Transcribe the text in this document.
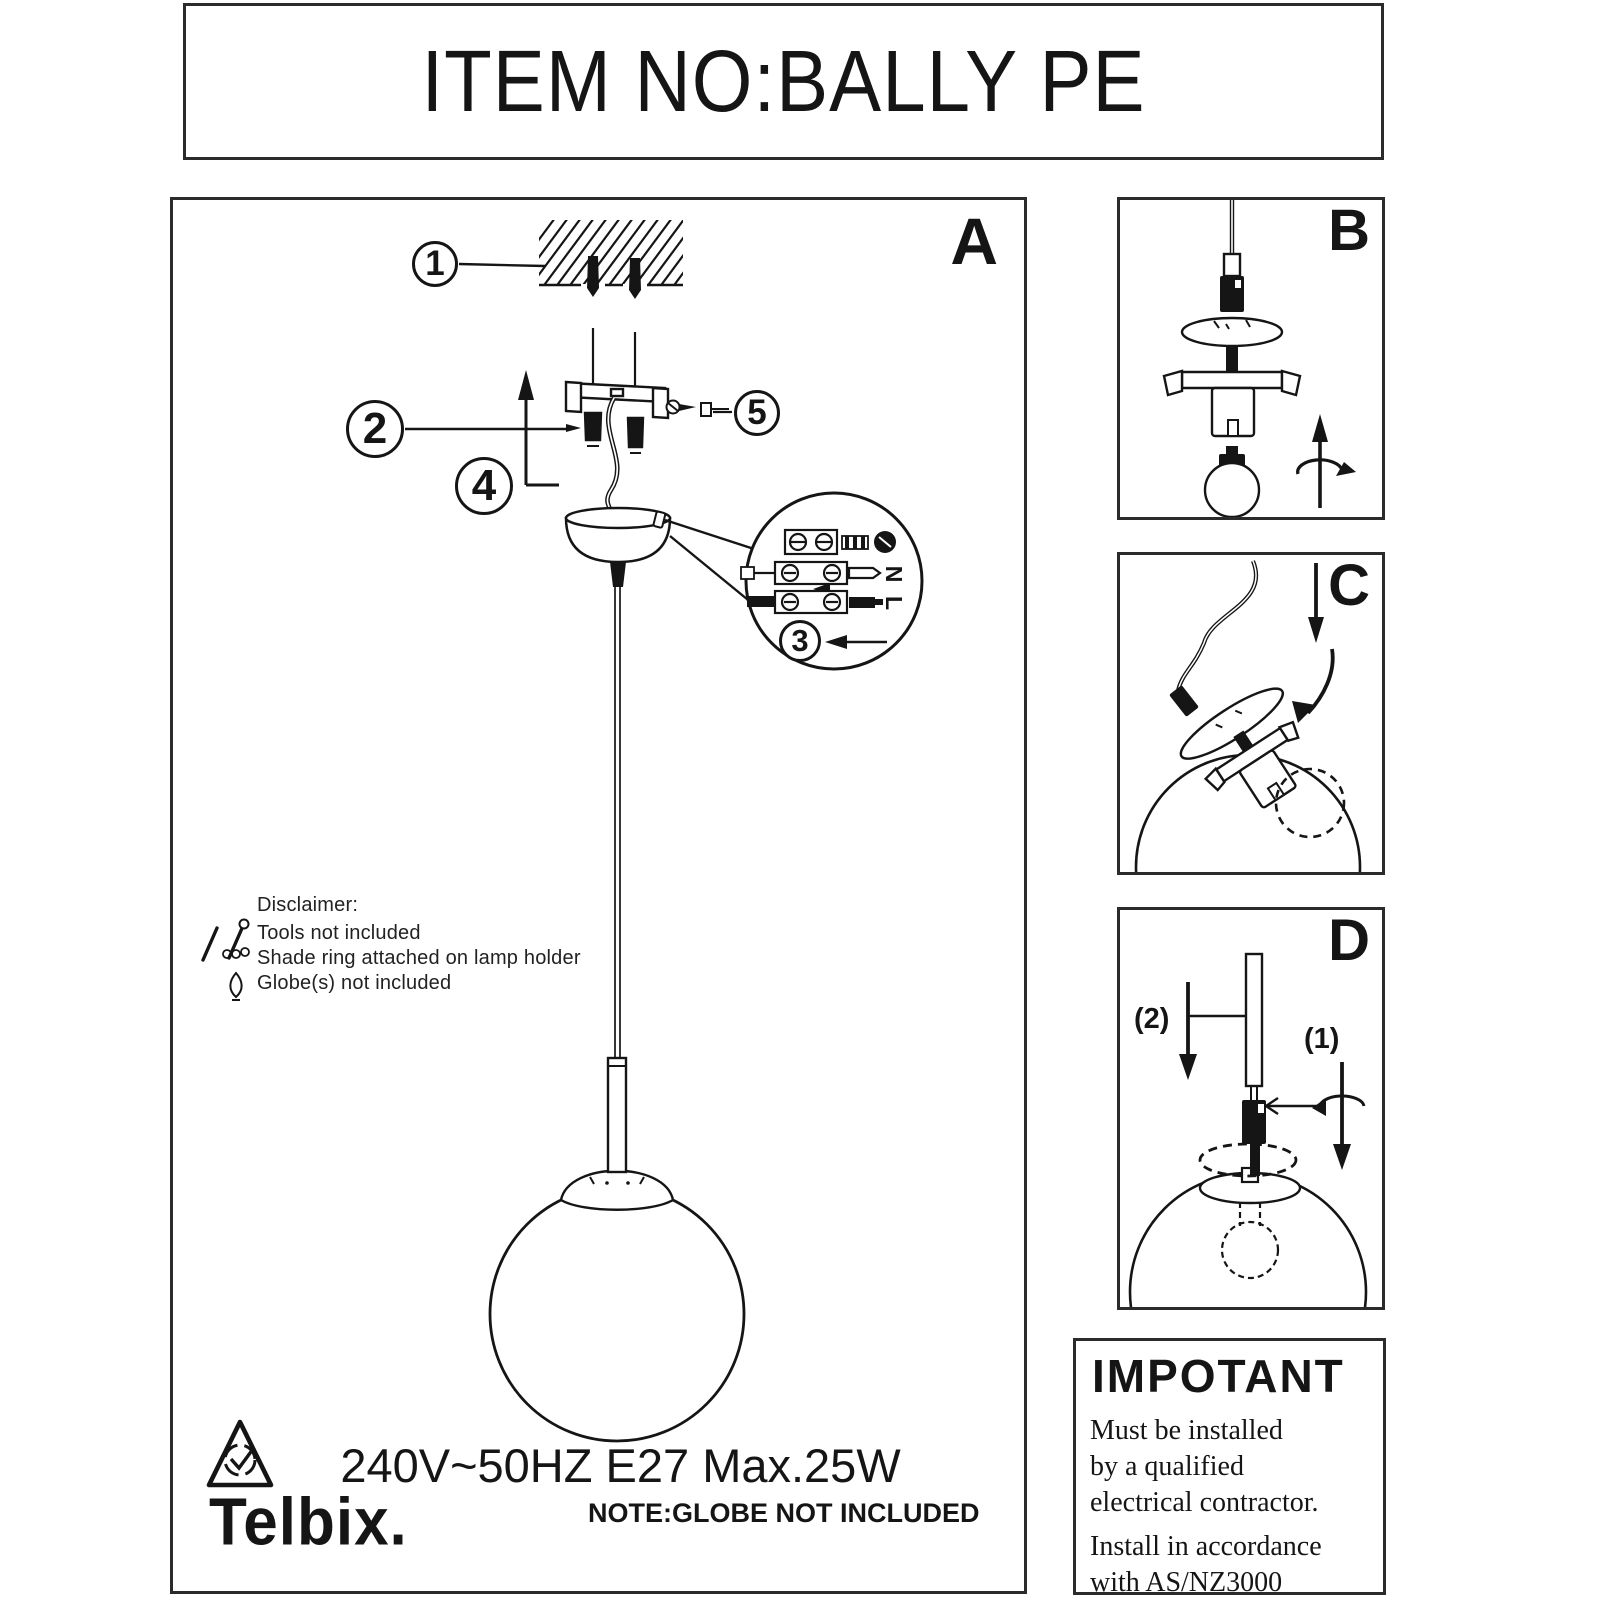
ITEM NO:BALLY PE
A
N
L
1
2
3
4
5
Disclaimer:
Tools not included
Shade ring attached on lamp holder
Globe(s) not included
240V~50HZ E27 Max.25W
NOTE:GLOBE NOT INCLUDED
Telbix.
B
C
D
(2)
(1)
IMPOTANT
Must be installed
by a qualified
electrical contractor.
Install in accordance
with AS/NZ3000
